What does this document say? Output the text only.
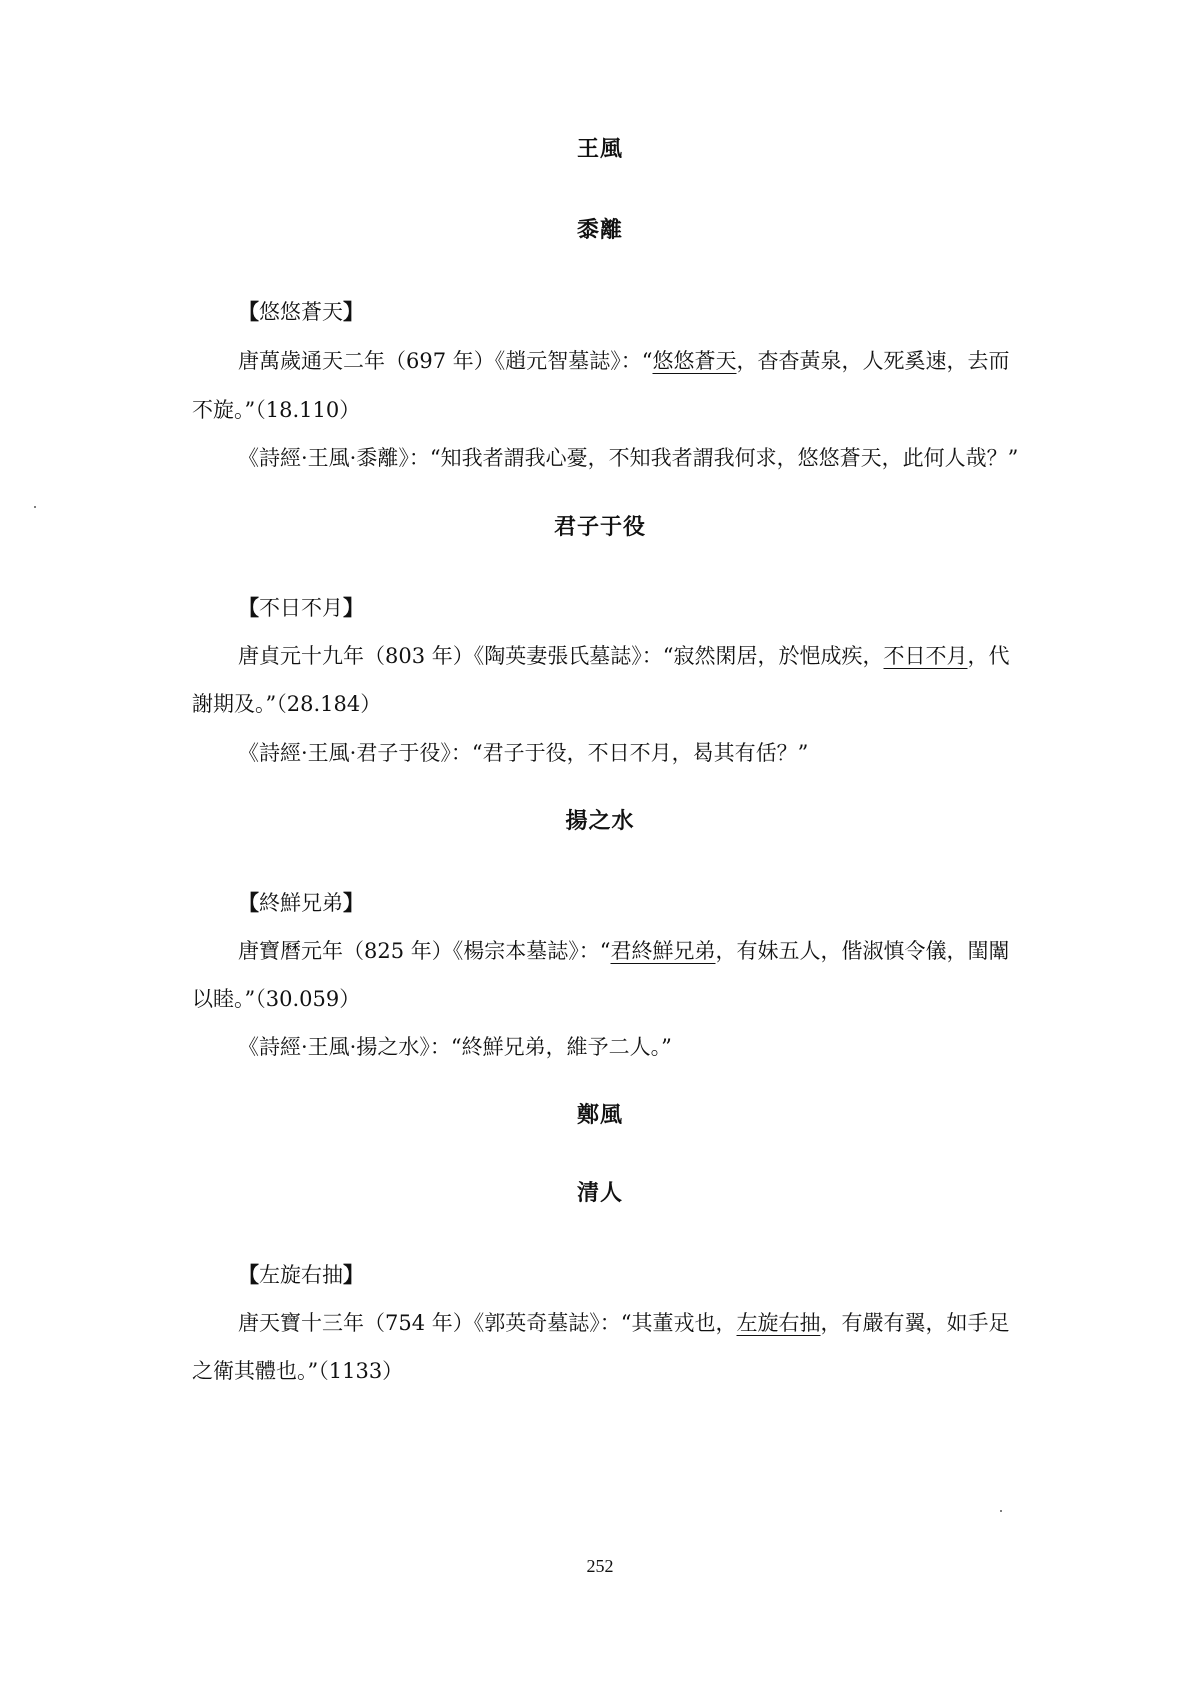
王風
黍離
【悠悠蒼天】
唐萬歲通天二年（697 年）《趙元智墓誌》：“悠悠蒼天，杳杳黃泉，人死奚速，去而
不旋。”（18.110）
《詩經·王風·黍離》：“知我者謂我心憂，不知我者謂我何求，悠悠蒼天，此何人哉？”
君子于役
【不日不月】
唐貞元十九年（803 年）《陶英妻張氏墓誌》：“寂然閑居，於悒成疾，不日不月，代
謝期及。”（28.184）
《詩經·王風·君子于役》：“君子于役，不日不月，曷其有佸？”
揚之水
【終鮮兄弟】
唐寶曆元年（825 年）《楊宗本墓誌》：“君終鮮兄弟，有妹五人，偕淑慎令儀，閨闈
以睦。”（30.059）
《詩經·王風·揚之水》：“終鮮兄弟，維予二人。”
鄭風
清人
【左旋右抽】
唐天寶十三年（754 年）《郭英奇墓誌》：“其董戎也，左旋右抽，有嚴有翼，如手足
之衛其體也。”（1133）
252
